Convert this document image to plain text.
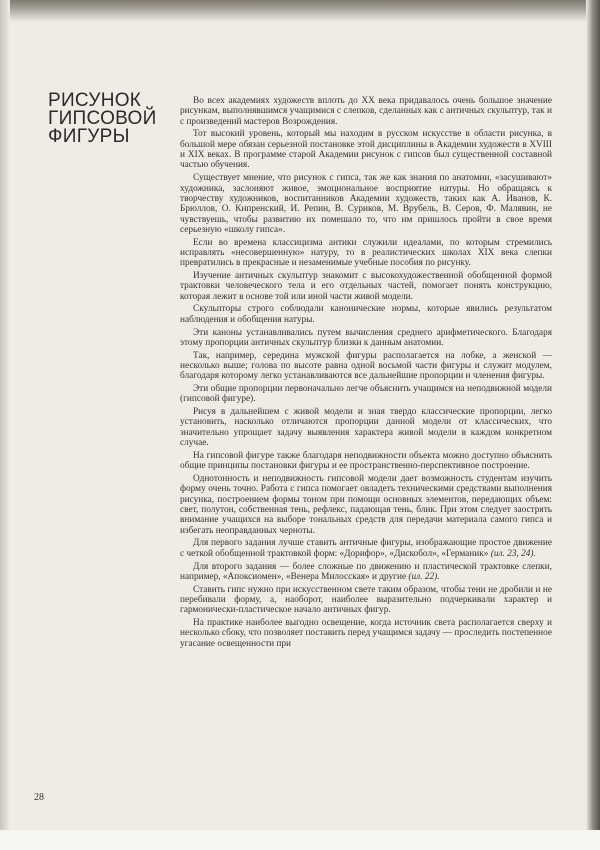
РИСУНОК
ГИПСОВОЙ
ФИГУРЫ

Во всех академиях художеств вплоть до XX века придавалось очень большое значение рисункам, выполнявшимся учащимися с слепков, сделанных как с античных скульптур, так и с произведений мастеров Возрождения.

Тот высокий уровень, который мы находим в русском искусстве в области рисунка, в большой мере обязан серьезной постановке этой дисциплины в Академии художеств в XVIII и XIX веках. В программе старой Академии рисунок с гипсов был существенной составной частью обучения.

Существует мнение, что рисунок с гипса, так же как знания по анатомии, «засушивают» художника, заслоняют живое, эмоциональное восприятие натуры. Но обращаясь к творчеству художников, воспитанников Академии художеств, таких как А. Иванов, К. Брюллов, О. Кипренский, И. Репин, В. Суриков, М. Врубель, В. Серов, Ф. Малявин, не чувствуешь, чтобы развитию их помешало то, что им пришлось пройти в свое время серьезную «школу гипса».

Если во времена классицизма антики служили идеалами, по которым стремились исправлять «несовершенную» натуру, то в реалистических школах XIX века слепки превратились в прекрасные и незаменимые учебные пособия по рисунку.

Изучение античных скульптур знакомит с высокохудожественной обобщенной формой трактовки человеческого тела и его отдельных частей, помогает понять конструкцию, которая лежит в основе той или иной части живой модели.

Скульпторы строго соблюдали канонические нормы, которые явились результатом наблюдения и обобщения натуры.

Эти каноны устанавливались путем вычисления среднего арифметического. Благодаря этому пропорции античных скульптур близки к данным анатомии.

Так, например, середина мужской фигуры располагается на лобке, а женской — несколько выше; голова по высоте равна одной восьмой части фигуры и служит модулем, благодаря которому легко устанавливаются все дальнейшие пропорции и членения фигуры.

Эти общие пропорции первоначально легче объяснить учащимся на неподвижной модели (гипсовой фигуре).

Рисуя в дальнейшем с живой модели и зная твердо классические пропорции, легко установить, насколько отличаются пропорции данной модели от классических, что значительно упрощает задачу выявления характера живой модели в каждом конкретном случае.

На гипсовой фигуре также благодаря неподвижности объекта можно доступно объяснить общие принципы постановки фигуры и ее пространственно-перспективное построение.

Однотонность и неподвижность гипсовой модели дает возможность студентам изучить форму очень точно. Работа с гипса помогает овладеть техническими средствами выполнения рисунка, построением формы тоном при помощи основных элементов, передающих объем: свет, полутон, собственная тень, рефлекс, падающая тень, блик. При этом следует заострять внимание учащихся на выборе тональных средств для передачи материала самого гипса и избегать неоправданных черноты.

Для первого задания лучше ставить античные фигуры, изображающие простое движение с четкой обобщенной трактовкой форм: «Дорифор», «Дискобол», «Германик» (ил. 23, 24).

Для второго задания — более сложные по движению и пластической трактовке слепки, например, «Апоксиомен», «Венера Милосская» и другие (ил. 22).

Ставить гипс нужно при искусственном свете таким образом, чтобы тени не дробили и не перебивали форму, а, наоборот, наиболее выразительно подчеркивали характер и гармонически-пластическое начало античных фигур.

На практике наиболее выгодно освещение, когда источник света располагается сверху и несколько сбоку, что позволяет поставить перед учащимся задачу — проследить постепенное угасание освещенности при

28
